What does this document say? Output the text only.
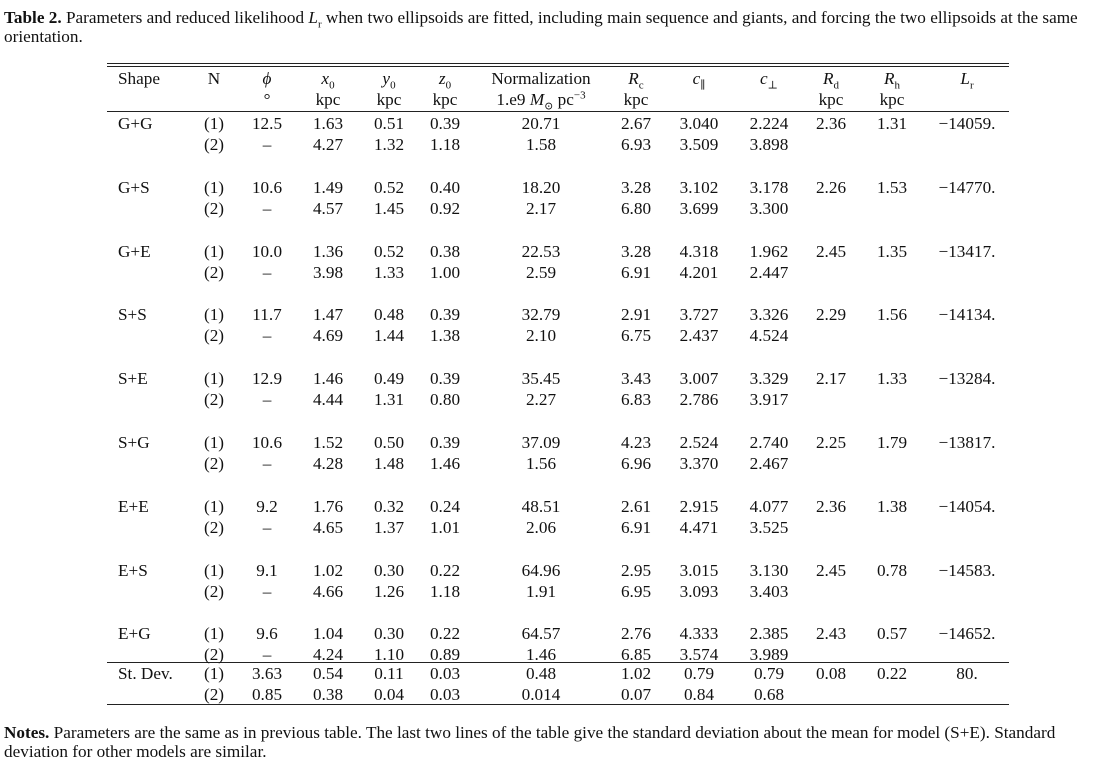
Table 2. Parameters and reduced likelihood $L_r$ when two ellipsoids are fitted, including main sequence and giants, and forcing the two ellipsoids at the same orientation.
Shape	N ϕ	$x_0$	$y_0$	$z_0$ Normalization $R_c$	$c_\parallel$	$c_\perp$	$R_d$	$R_h$	$L_r$
°	kpc kpc kpc 1.e9 $M_⊙$ $pc^{-3}$ kpc	kpc kpc
G+G	(1) 12.5 1.63 0.51 0.39	20.71	2.67 3.040 2.224 2.36 1.31 −14059.
(2) – 4.27 1.32 1.18	1.58	6.93 3.509 3.898
G+S	(1) 10.6 1.49 0.52 0.40	18.20	3.28 3.102 3.178 2.26 1.53 −14770.
(2) – 4.57 1.45 0.92	2.17	6.80 3.699 3.300
G+E	(1) 10.0 1.36 0.52 0.38	22.53	3.28 4.318 1.962 2.45 1.35 −13417.
(2) – 3.98 1.33 1.00	2.59	6.91 4.201 2.447
S+S	(1) 11.7 1.47 0.48 0.39	32.79	2.91 3.727 3.326 2.29 1.56 −14134.
(2) – 4.69 1.44 1.38	2.10	6.75 2.437 4.524
S+E	(1) 12.9 1.46 0.49 0.39	35.45	3.43 3.007 3.329 2.17 1.33 −13284.
(2) – 4.44 1.31 0.80	2.27	6.83 2.786 3.917
S+G	(1) 10.6 1.52 0.50 0.39	37.09	4.23 2.524 2.740 2.25 1.79 −13817.
(2) – 4.28 1.48 1.46	1.56	6.96 3.370 2.467
E+E	(1) 9.2 1.76 0.32 0.24	48.51	2.61 2.915 4.077 2.36 1.38 −14054.
(2) – 4.65 1.37 1.01	2.06	6.91 4.471 3.525
E+S	(1) 9.1 1.02 0.30 0.22	64.96	2.95 3.015 3.130 2.45 0.78 −14583.
(2) – 4.66 1.26 1.18	1.91	6.95 3.093 3.403
E+G	(1) 9.6 1.04 0.30 0.22	64.57	2.76 4.333 2.385 2.43 0.57 −14652.
(2) – 4.24 1.10 0.89	1.46	6.85 3.574 3.989
St. Dev. (1) 3.63 0.54 0.11 0.03	0.48	1.02 0.79 0.79 0.08 0.22	80.
(2) 0.85 0.38 0.04 0.03	0.014	0.07 0.84 0.68
Notes. Parameters are the same as in previous table. The last two lines of the table give the standard deviation about the mean for model (S+E). Standard deviation for other models are similar.
